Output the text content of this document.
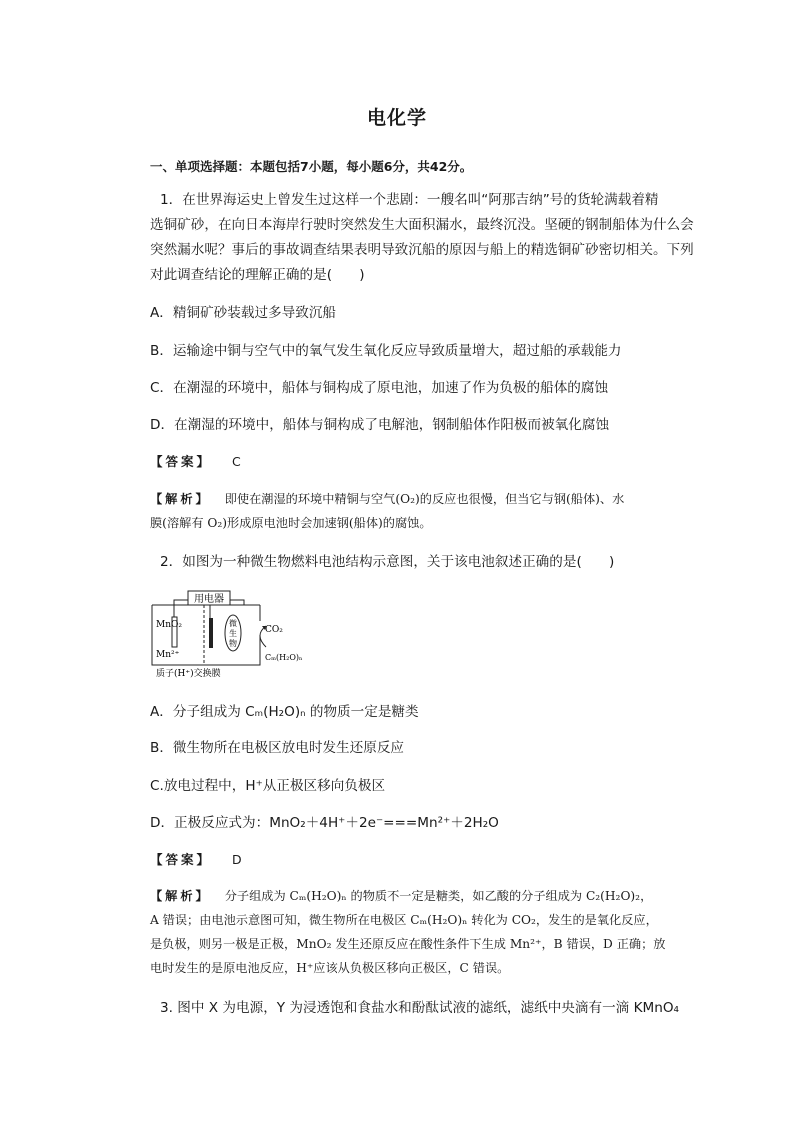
电化学
一、单项选择题：本题包括7小题，每小题6分，共42分。
1．在世界海运史上曾发生过这样一个悲剧：一艘名叫“阿那吉纳”号的货轮满载着精
选铜矿砂，在向日本海岸行驶时突然发生大面积漏水，最终沉没。坚硬的钢制船体为什么会
突然漏水呢？事后的事故调查结果表明导致沉船的原因与船上的精选铜矿砂密切相关。下列
对此调查结论的理解正确的是(　　)
A．精铜矿砂装载过多导致沉船
B．运输途中铜与空气中的氧气发生氧化反应导致质量增大，超过船的承载能力
C．在潮湿的环境中，船体与铜构成了原电池，加速了作为负极的船体的腐蚀
D．在潮湿的环境中，船体与铜构成了电解池，钢制船体作阳极而被氧化腐蚀
【答案】 C
【解析】 即使在潮湿的环境中精铜与空气(O₂)的反应也很慢，但当它与钢(船体)、水
膜(溶解有 O₂)形成原电池时会加速钢(船体)的腐蚀。
2．如图为一种微生物燃料电池结构示意图，关于该电池叙述正确的是(　　)
用电器
微
生
物
MnO₂
Mn²⁺
CO₂
Cₘ(H₂O)ₙ
质子(H⁺)交换膜
A．分子组成为 Cₘ(H₂O)ₙ 的物质一定是糖类
B．微生物所在电极区放电时发生还原反应
C.放电过程中，H⁺从正极区移向负极区
D．正极反应式为：MnO₂＋4H⁺＋2e⁻===Mn²⁺＋2H₂O
【答案】 D
【解析】 分子组成为 Cₘ(H₂O)ₙ 的物质不一定是糖类，如乙酸的分子组成为 C₂(H₂O)₂，
A 错误；由电池示意图可知，微生物所在电极区 Cₘ(H₂O)ₙ 转化为 CO₂，发生的是氧化反应，
是负极，则另一极是正极，MnO₂ 发生还原反应在酸性条件下生成 Mn²⁺，B 错误，D 正确；放
电时发生的是原电池反应，H⁺应该从负极区移向正极区，C 错误。
3. 图中 X 为电源，Y 为浸透饱和食盐水和酚酞试液的滤纸，滤纸中央滴有一滴 KMnO₄
